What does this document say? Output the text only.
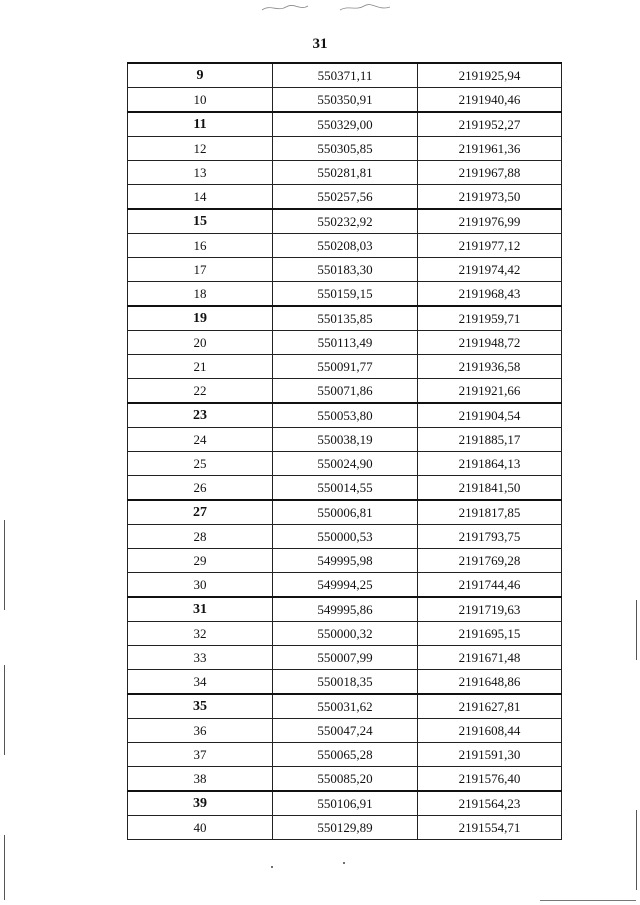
31
9	550371,11	2191925,94
10	550350,91	2191940,46
11	550329,00	2191952,27
12	550305,85	2191961,36
13	550281,81	2191967,88
14	550257,56	2191973,50
15	550232,92	2191976,99
16	550208,03	2191977,12
17	550183,30	2191974,42
18	550159,15	2191968,43
19	550135,85	2191959,71
20	550113,49	2191948,72
21	550091,77	2191936,58
22	550071,86	2191921,66
23	550053,80	2191904,54
24	550038,19	2191885,17
25	550024,90	2191864,13
26	550014,55	2191841,50
27	550006,81	2191817,85
28	550000,53	2191793,75
29	549995,98	2191769,28
30	549994,25	2191744,46
31	549995,86	2191719,63
32	550000,32	2191695,15
33	550007,99	2191671,48
34	550018,35	2191648,86
35	550031,62	2191627,81
36	550047,24	2191608,44
37	550065,28	2191591,30
38	550085,20	2191576,40
39	550106,91	2191564,23
40	550129,89	2191554,71
